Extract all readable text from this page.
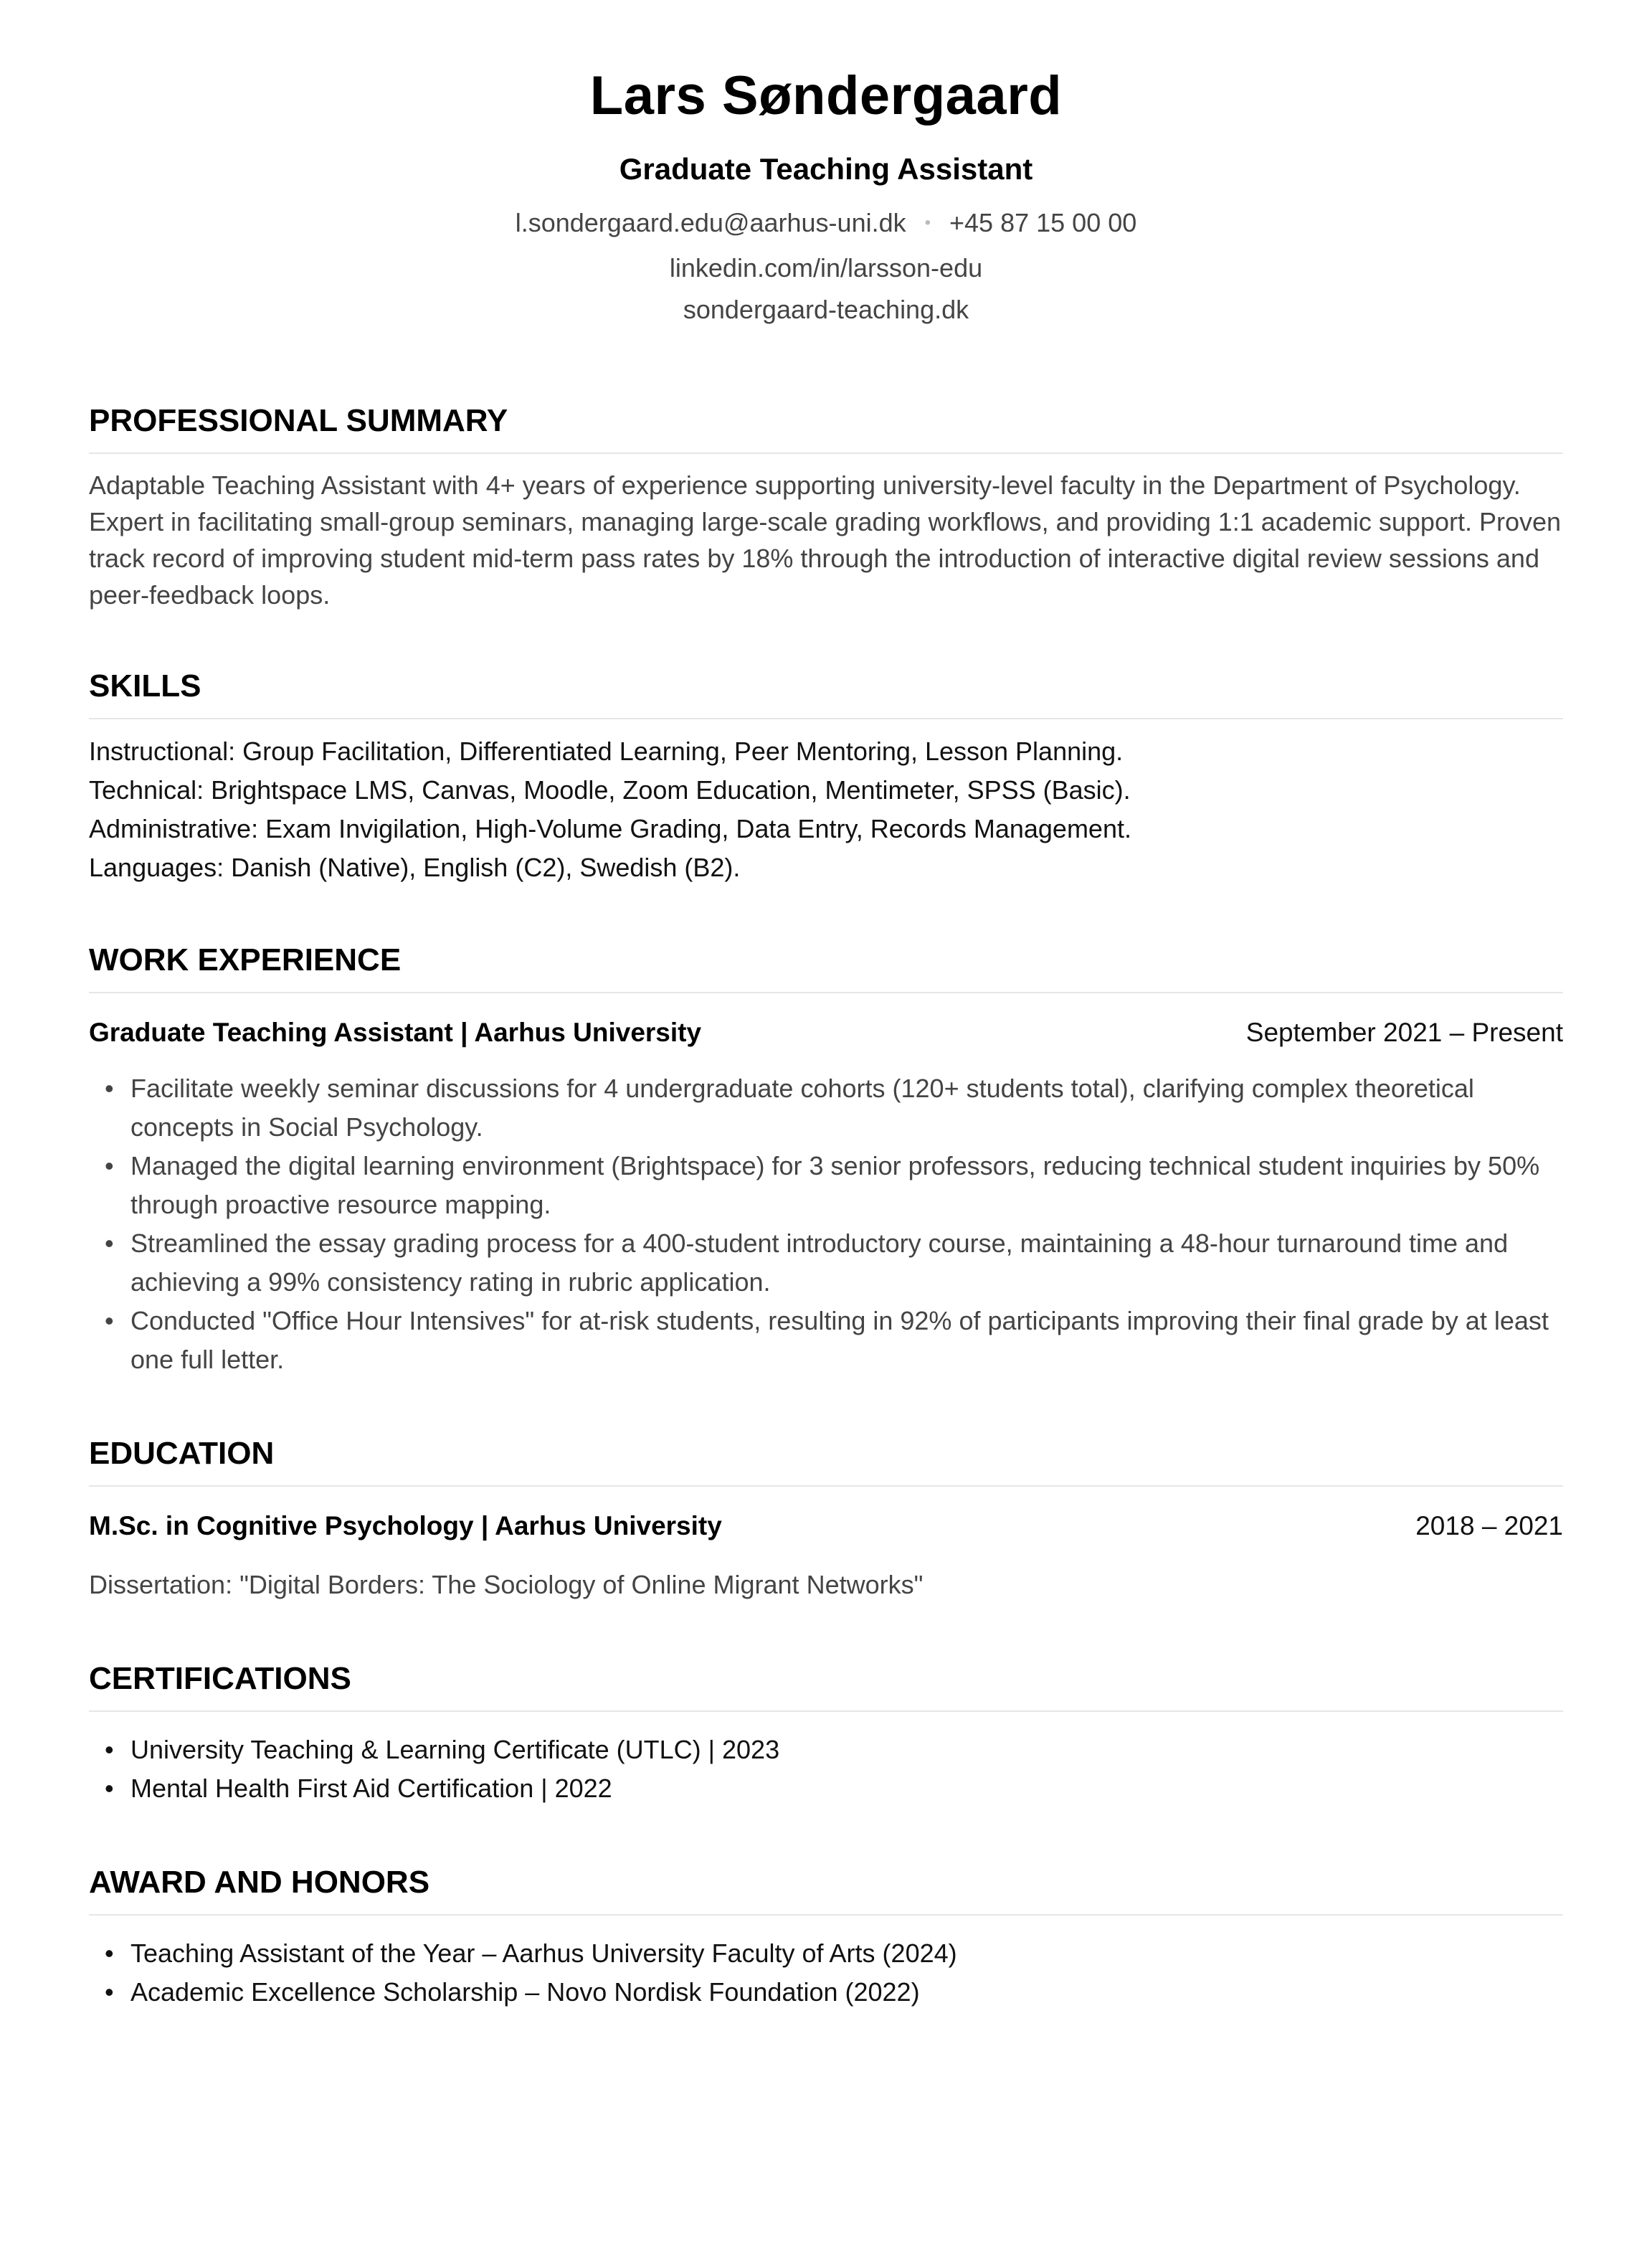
Lars Søndergaard
Graduate Teaching Assistant
l.sondergaard.edu@aarhus-uni.dk • +45 87 15 00 00
linkedin.com/in/larsson-edu
sondergaard-teaching.dk
PROFESSIONAL SUMMARY

Adaptable Teaching Assistant with 4+ years of experience supporting university-level faculty in the Department of Psychology. Expert in facilitating small-group seminars, managing large-scale grading workflows, and providing 1:1 academic support. Proven track record of improving student mid-term pass rates by 18% through the introduction of interactive digital review sessions and peer-feedback loops.

SKILLS
Instructional: Group Facilitation, Differentiated Learning, Peer Mentoring, Lesson Planning.
Technical: Brightspace LMS, Canvas, Moodle, Zoom Education, Mentimeter, SPSS (Basic).
Administrative: Exam Invigilation, High-Volume Grading, Data Entry, Records Management.
Languages: Danish (Native), English (C2), Swedish (B2).
WORK EXPERIENCE
Graduate Teaching Assistant | Aarhus University	September 2021 – Present
• Facilitate weekly seminar discussions for 4 undergraduate cohorts (120+ students total), clarifying complex theoretical concepts in Social Psychology.
• Managed the digital learning environment (Brightspace) for 3 senior professors, reducing technical student inquiries by 50% through proactive resource mapping.
• Streamlined the essay grading process for a 400-student introductory course, maintaining a 48-hour turnaround time and achieving a 99% consistency rating in rubric application.
• Conducted "Office Hour Intensives" for at-risk students, resulting in 92% of participants improving their final grade by at least one full letter.
EDUCATION
M.Sc. in Cognitive Psychology | Aarhus University	2018 – 2021

Dissertation: "Digital Borders: The Sociology of Online Migrant Networks"

CERTIFICATIONS
• University Teaching & Learning Certificate (UTLC) | 2023
• Mental Health First Aid Certification | 2022
AWARD AND HONORS
• Teaching Assistant of the Year – Aarhus University Faculty of Arts (2024)
• Academic Excellence Scholarship – Novo Nordisk Foundation (2022)
